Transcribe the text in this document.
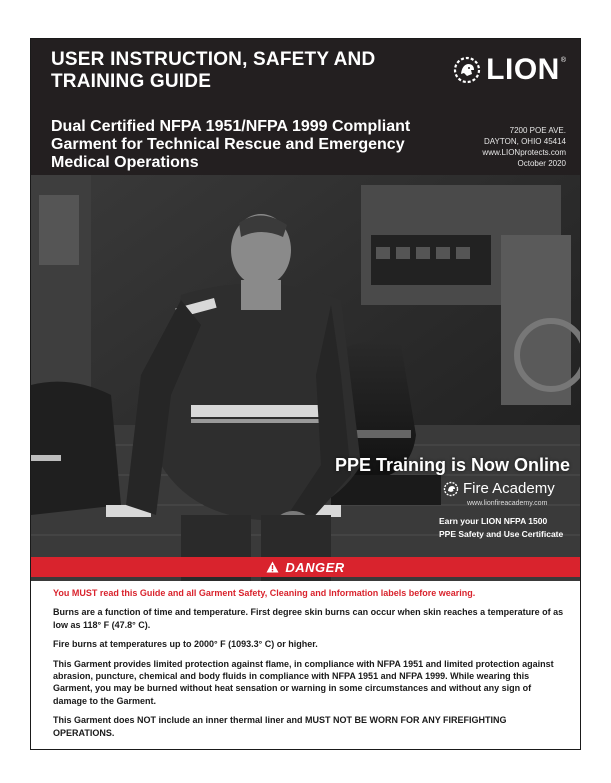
USER INSTRUCTION, SAFETY AND TRAINING GUIDE	LION ®
Dual Certified NFPA 1951/NFPA 1999 Compliant Garment for Technical Rescue and Emergency Medical Operations
7200 POE AVE.
DAYTON, OHIO 45414
www.LIONprotects.com
October 2020
PPE Training is Now Online
Fire Academy
www.lionfireacademy.com
Earn your LION NFPA 1500
PPE Safety and Use Certificate
DANGER

You MUST read this Guide and all Garment Safety, Cleaning and Information labels before wearing.

Burns are a function of time and temperature. First degree skin burns can occur when skin reaches a temperature of as low as 118° F (47.8° C).

Fire burns at temperatures up to 2000° F (1093.3° C) or higher.

This Garment provides limited protection against flame, in compliance with NFPA 1951 and limited protection against abrasion, puncture, chemical and body fluids in compliance with NFPA 1951 and NFPA 1999. While wearing this Garment, you may be burned without heat sensation or warning in some circumstances and without any sign of damage to the Garment.

This Garment does NOT include an inner thermal liner and MUST NOT BE WORN FOR ANY FIREFIGHTING OPERATIONS.
